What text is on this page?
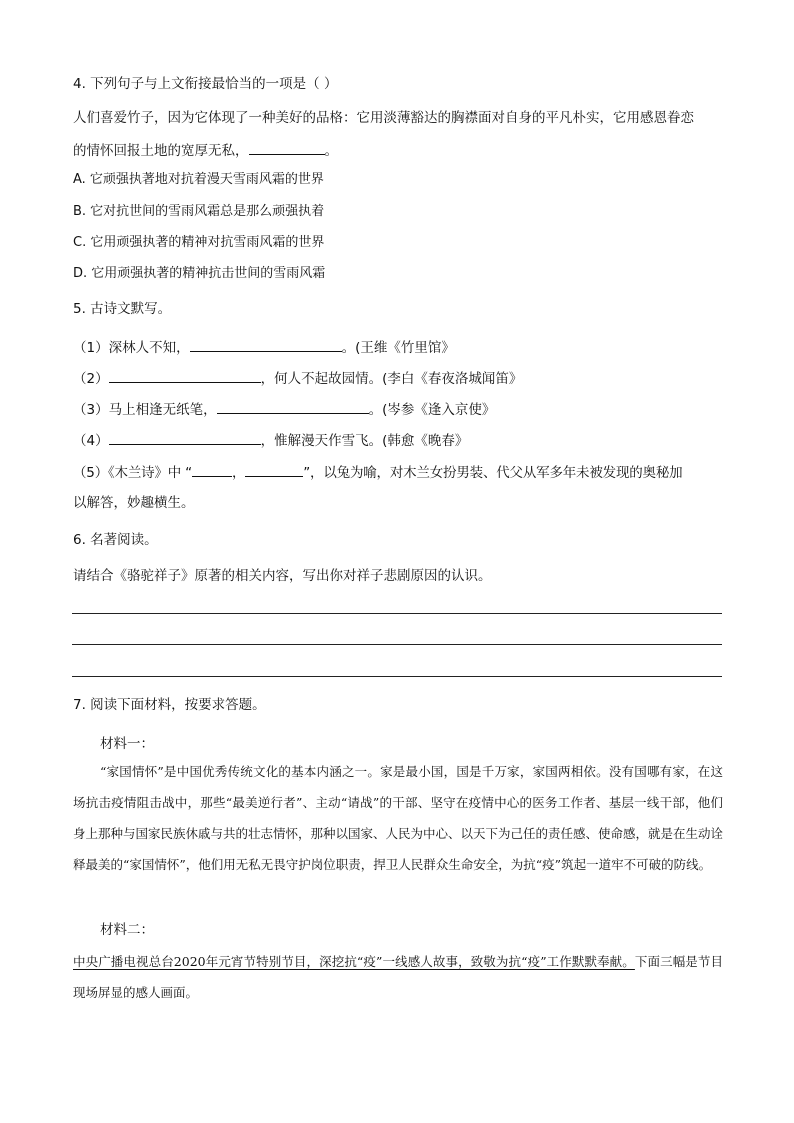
4. 下列句子与上文衔接最恰当的一项是（ ）
人们喜爱竹子，因为它体现了一种美好的品格：它用淡薄豁达的胸襟面对自身的平凡朴实，它用感恩眷恋
的情怀回报土地的宽厚无私，	。
A. 它顽强执著地对抗着漫天雪雨风霜的世界
B. 它对抗世间的雪雨风霜总是那么顽强执着
C. 它用顽强执著的精神对抗雪雨风霜的世界
D. 它用顽强执著的精神抗击世间的雪雨风霜
5. 古诗文默写。
（1）深林人不知，	。(王维《竹里馆》
（2）	，何人不起故园情。(李白《春夜洛城闻笛》
（3）马上相逢无纸笔，	。(岑参《逢入京使》
（4）	，惟解漫天作雪飞。(韩愈《晚春》
（5）《木兰诗》中 “	，	”，以兔为喻，对木兰女扮男装、代父从军多年未被发现的奥秘加
以解答，妙趣横生。
6. 名著阅读。
请结合《骆驼祥子》原著的相关内容，写出你对祥子悲剧原因的认识。
7. 阅读下面材料，按要求答题。
材料一：
“家国情怀”是中国优秀传统文化的基本内涵之一。家是最小国，国是千万家，家国两相依。没有国哪有家，在这场抗击疫情阻击战中，那些“最美逆行者”、主动“请战”的干部、坚守在疫情中心的医务工作者、基层一线干部，他们身上那种与国家民族休戚与共的壮志情怀，那种以国家、人民为中心、以天下为己任的责任感、使命感，就是在生动诠释最美的“家国情怀”，他们用无私无畏守护岗位职责，捍卫人民群众生命安全，为抗“疫”筑起一道牢不可破的防线。
材料二：
中央广播电视总台2020年元宵节特别节目，深挖抗“疫”一线感人故事，致敬为抗“疫”工作默默奉献。下面三幅是节目现场屏显的感人画面。
